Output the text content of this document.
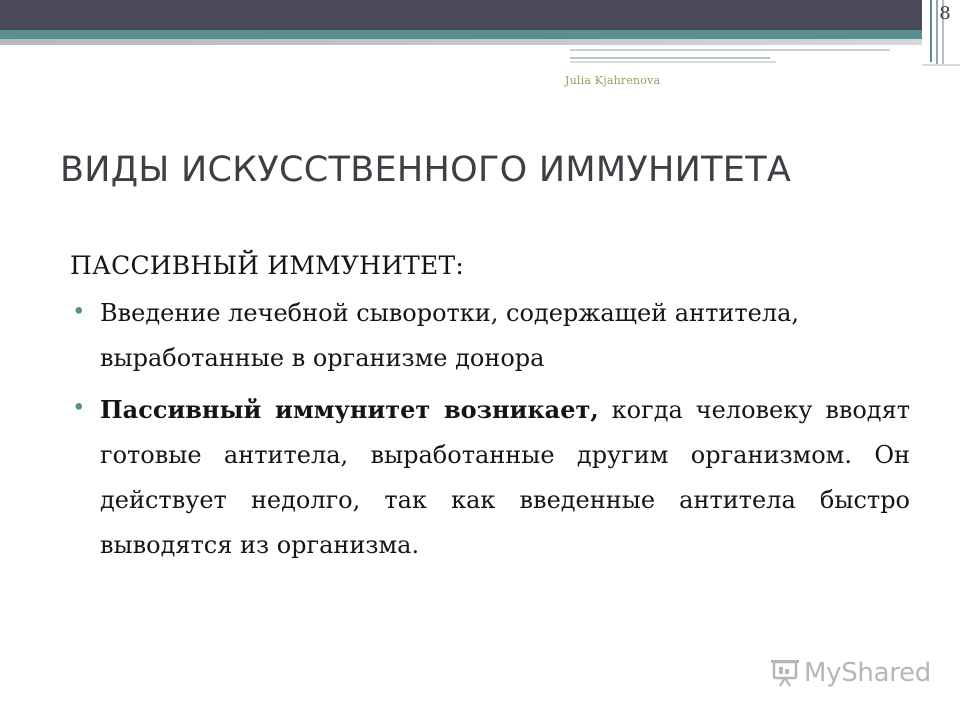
8
Julia Kjahrenova
ВИДЫ ИСКУССТВЕННОГО ИММУНИТЕТА

ПАССИВНЫЙ ИММУНИТЕТ:

• Введение лечебной сыворотки, содержащей антитела, выработанные в организме донора
• Пассивный иммунитет возникает, когда человеку вводят готовые антитела, выработанные другим организмом. Он действует недолго, так как введенные антитела быстро выводятся из организма.
MyShared
